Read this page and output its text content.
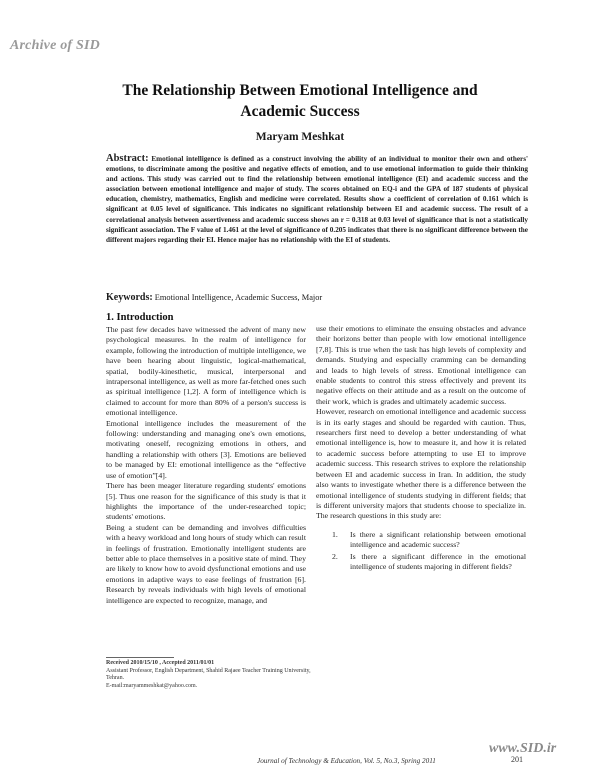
Archive of SID
The Relationship Between Emotional Intelligence and
Academic Success
Maryam Meshkat
Abstract: Emotional intelligence is defined as a construct involving the ability of an individual to monitor their own and others' emotions, to discriminate among the positive and negative effects of emotion, and to use emotional information to guide their thinking and actions. This study was carried out to find the relationship between emotional intelligence (EI) and academic success and the association between emotional intelligence and major of study. The scores obtained on EQ-i and the GPA of 187 students of physical education, chemistry, mathematics, English and medicine were correlated. Results show a coefficient of correlation of 0.161 which is significant at 0.05 level of significance. This indicates no significant relationship between EI and academic success. The result of a correlational analysis between assertiveness and academic success shows an r = 0.318 at 0.03 level of significance that is not a statistically significant association. The F value of 1.461 at the level of significance of 0.205 indicates that there is no significant difference between the different majors regarding their EI. Hence major has no relationship with the EI of students.
Keywords: Emotional Intelligence, Academic Success, Major
1. Introduction

The past few decades have witnessed the advent of many new psychological measures. In the realm of intelligence for example, following the introduction of multiple intelligence, we have been hearing about linguistic, logical-mathematical, spatial, bodily-kinesthetic, musical, interpersonal and intrapersonal intelligence, as well as more far-fetched ones such as spiritual intelligence [1,2]. A form of intelligence which is claimed to account for more than 80% of a person's success is emotional intelligence.

Emotional intelligence includes the measurement of the following: understanding and managing one's own emotions, motivating oneself, recognizing emotions in others, and handling a relationship with others [3]. Emotions are believed to be managed by EI: emotional intelligence as the “effective use of emotion”[4].

There has been meager literature regarding students' emotions [5]. Thus one reason for the significance of this study is that it highlights the importance of the under-researched topic; students' emotions.

Being a student can be demanding and involves difficulties with a heavy workload and long hours of study which can result in feelings of frustration. Emotionally intelligent students are better able to place themselves in a positive state of mind. They are likely to know how to avoid dysfunctional emotions and use emotions in adaptive ways to ease feelings of frustration [6]. Research by reveals individuals with high levels of emotional intelligence are expected to recognize, manage, and

use their emotions to eliminate the ensuing obstacles and advance their horizons better than people with low emotional intelligence [7,8]. This is true when the task has high levels of complexity and demands. Studying and especially cramming can be demanding and leads to high levels of stress. Emotional intelligence can enable students to control this stress effectively and prevent its negative effects on their attitude and as a result on the outcome of their work, which is grades and ultimately academic success.

However, research on emotional intelligence and academic success is in its early stages and should be regarded with caution. Thus, researchers first need to develop a better understanding of what emotional intelligence is, how to measure it, and how it is related to academic success before attempting to use EI to improve academic success. This research strives to explore the relationship between EI and academic success in Iran. In addition, the study also wants to investigate whether there is a difference between the emotional intelligence of students studying in different fields; that is different university majors that students choose to specialize in. The research questions in this study are:

1.	Is there a significant relationship between emotional intelligence and academic success?
2.	Is there a significant difference in the emotional intelligence of students majoring in different fields?
Received 2010/15/10 , Accepted 2011/01/01
Assistant Professor, English Department, Shahid Rajaee Teacher Training University, Tehran.
E-mail:maryammeshkat@yahoo.com.
www.SID.ir
Journal of Technology & Education, Vol. 5, No.3, Spring 2011	201
